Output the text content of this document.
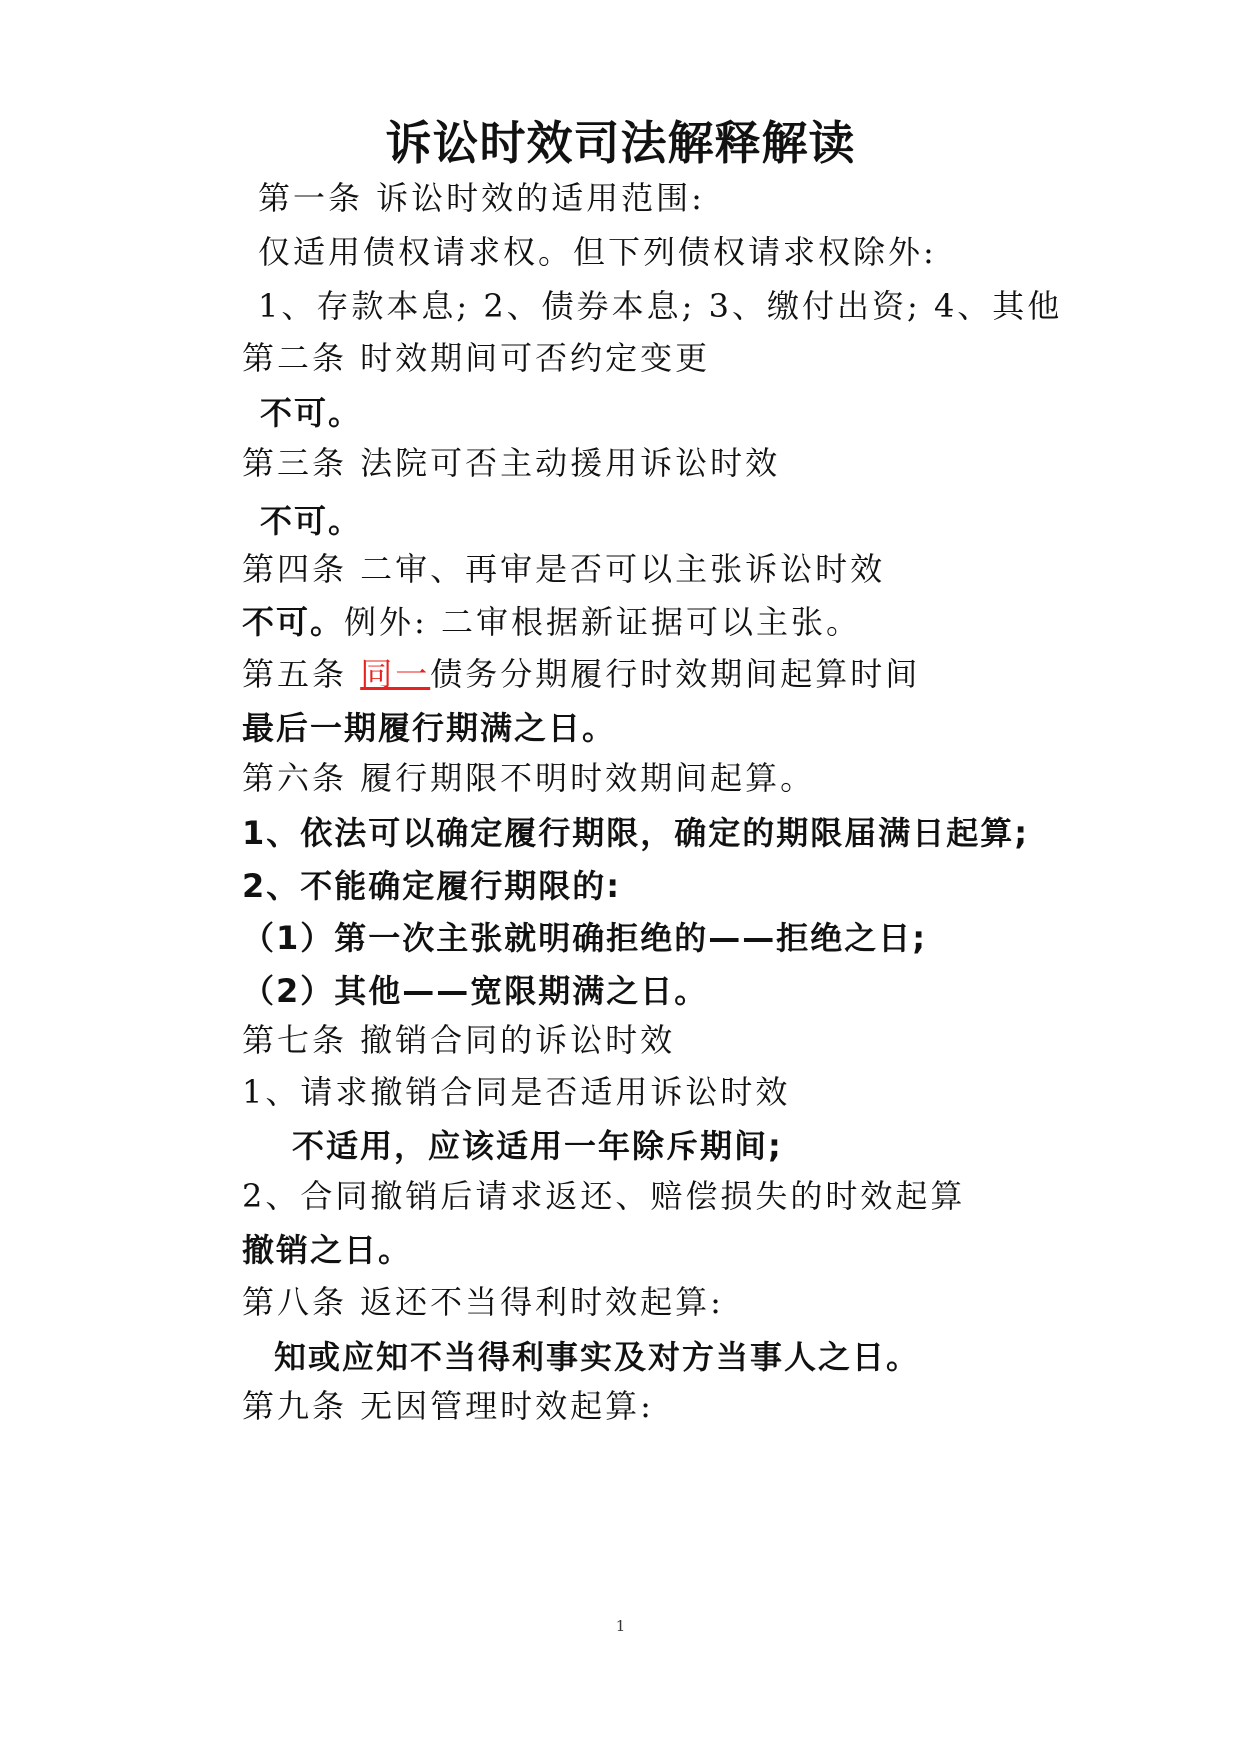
诉讼时效司法解释解读
第一条 诉讼时效的适用范围:
仅适用债权请求权。但下列债权请求权除外:
1、存款本息; 2、债券本息; 3、缴付出资; 4、其他
第二条 时效期间可否约定变更
不可。
第三条 法院可否主动援用诉讼时效
不可。
第四条 二审、再审是否可以主张诉讼时效
不可。例外: 二审根据新证据可以主张。
第五条 同一债务分期履行时效期间起算时间
最后一期履行期满之日。
第六条 履行期限不明时效期间起算。
1、依法可以确定履行期限，确定的期限届满日起算;
2、不能确定履行期限的:
（1）第一次主张就明确拒绝的——拒绝之日;
（2）其他——宽限期满之日。
第七条 撤销合同的诉讼时效
1、请求撤销合同是否适用诉讼时效
不适用，应该适用一年除斥期间;
2、合同撤销后请求返还、赔偿损失的时效起算
撤销之日。
第八条 返还不当得利时效起算:
知或应知不当得利事实及对方当事人之日。
第九条 无因管理时效起算:
1
